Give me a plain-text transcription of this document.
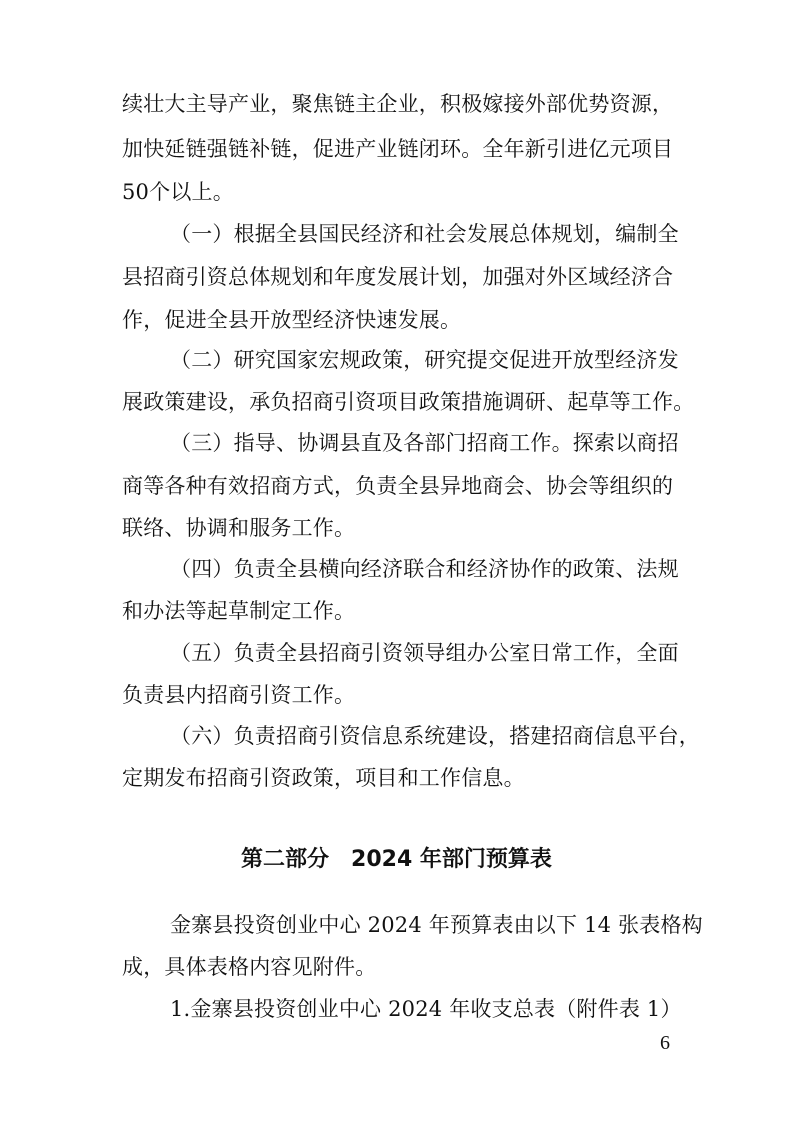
续壮大主导产业，聚焦链主企业，积极嫁接外部优势资源，

加快延链强链补链，促进产业链闭环。全年新引进亿元项目

50个以上。

（一）根据全县国民经济和社会发展总体规划，编制全

县招商引资总体规划和年度发展计划，加强对外区域经济合

作，促进全县开放型经济快速发展。

（二）研究国家宏规政策，研究提交促进开放型经济发

展政策建设，承负招商引资项目政策措施调研、起草等工作。

（三）指导、协调县直及各部门招商工作。探索以商招

商等各种有效招商方式，负责全县异地商会、协会等组织的

联络、协调和服务工作。

（四）负责全县横向经济联合和经济协作的政策、法规

和办法等起草制定工作。

（五）负责全县招商引资领导组办公室日常工作，全面

负责县内招商引资工作。

（六）负责招商引资信息系统建设，搭建招商信息平台，

定期发布招商引资政策，项目和工作信息。

第二部分　2024 年部门预算表

金寨县投资创业中心 2024 年预算表由以下 14 张表格构

成，具体表格内容见附件。

1.金寨县投资创业中心 2024 年收支总表（附件表 1）

6
